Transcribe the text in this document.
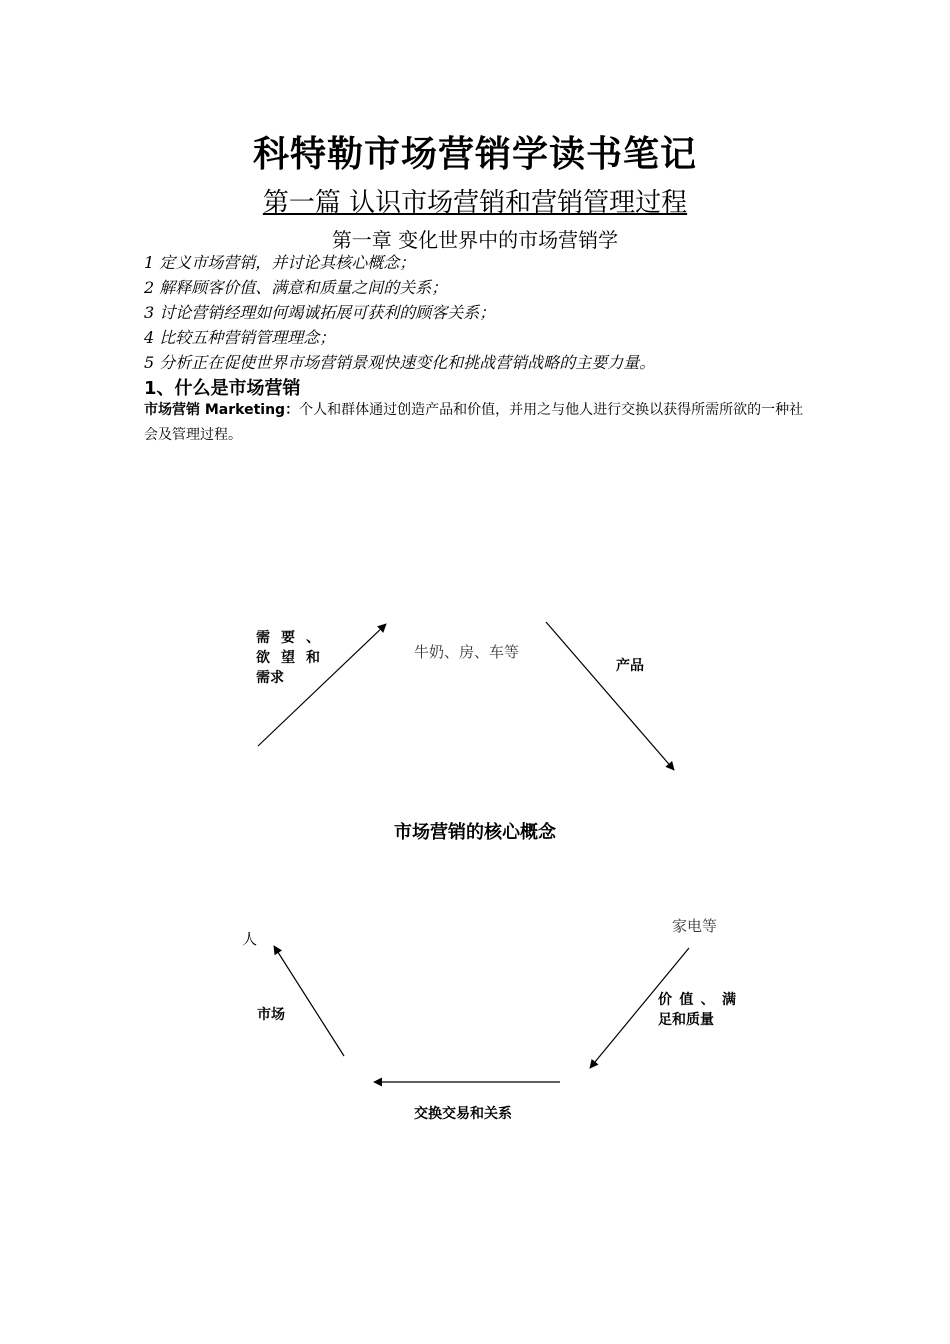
科特勒市场营销学读书笔记
第一篇 认识市场营销和营销管理过程
第一章 变化世界中的市场营销学
1 定义市场营销，并讨论其核心概念；
2 解释顾客价值、满意和质量之间的关系；
3 讨论营销经理如何竭诚拓展可获利的顾客关系；
4 比较五种营销管理理念；
5 分析正在促使世界市场营销景观快速变化和挑战营销战略的主要力量。
1、什么是市场营销
市场营销 Marketing：个人和群体通过创造产品和价值，并用之与他人进行交换以获得所需所欲的一种社会及管理过程。
需 要 、欲 望 和需求
牛奶、房、车等
产品
市场营销的核心概念
家电等
价 值 、 满足和质量
交换交易和关系
市场
人
